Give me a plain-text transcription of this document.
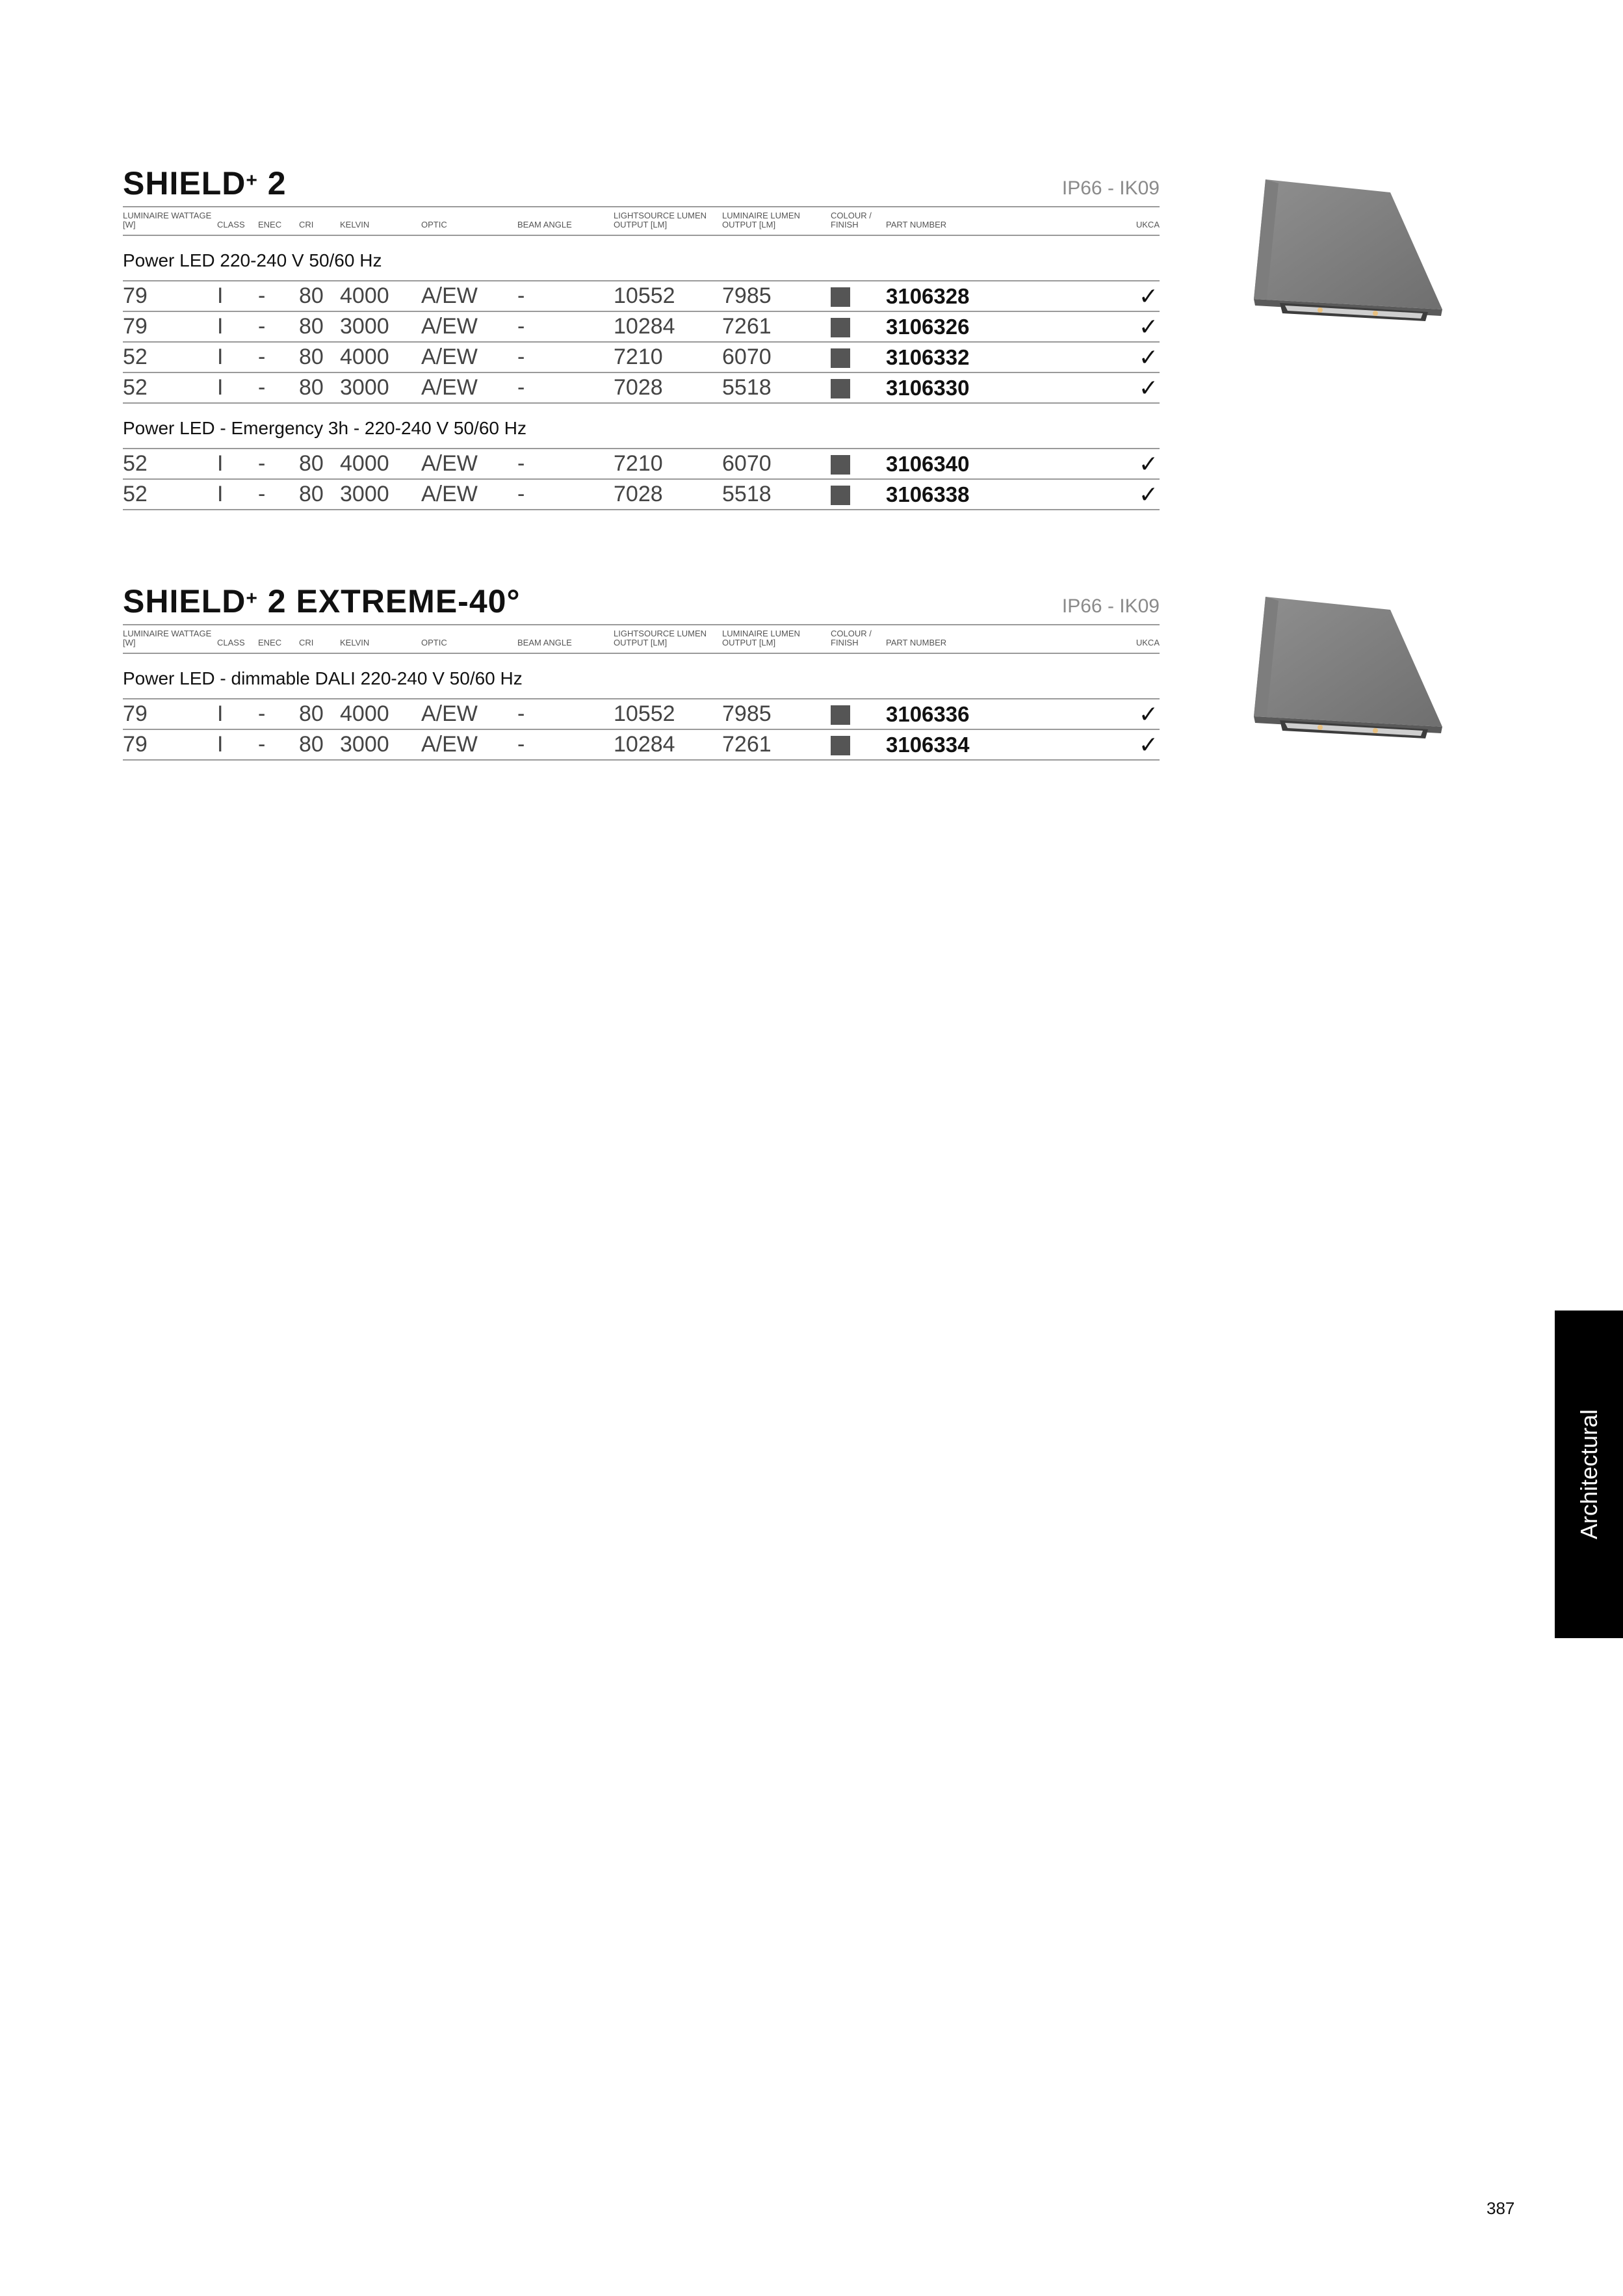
SHIELD+ 2	IP66 - IK09
LUMINAIRE WATTAGE [W]	CLASS	ENEC	CRI	KELVIN	OPTIC	BEAM ANGLE	LIGHTSOURCE LUMEN OUTPUT [LM]	LUMINAIRE LUMEN OUTPUT [LM]	COLOUR / FINISH	PART NUMBER	UKCA
Power LED 220-240 V 50/60 Hz											
79	I	-	80	4000	A/EW	-	10552	7985		3106328	✓
79	I	-	80	3000	A/EW	-	10284	7261		3106326	✓
52	I	-	80	4000	A/EW	-	7210	6070		3106332	✓
52	I	-	80	3000	A/EW	-	7028	5518		3106330	✓
Power LED - Emergency 3h - 220-240 V 50/60 Hz											
52	I	-	80	4000	A/EW	-	7210	6070		3106340	✓
52	I	-	80	3000	A/EW	-	7028	5518		3106338	✓
SHIELD+ 2 EXTREME-40°	IP66 - IK09
LUMINAIRE WATTAGE [W]	CLASS	ENEC	CRI	KELVIN	OPTIC	BEAM ANGLE	LIGHTSOURCE LUMEN OUTPUT [LM]	LUMINAIRE LUMEN OUTPUT [LM]	COLOUR / FINISH	PART NUMBER	UKCA
Power LED - dimmable DALI 220-240 V 50/60 Hz											
79	I	-	80	4000	A/EW	-	10552	7985		3106336	✓
79	I	-	80	3000	A/EW	-	10284	7261		3106334	✓
Architectural
387
